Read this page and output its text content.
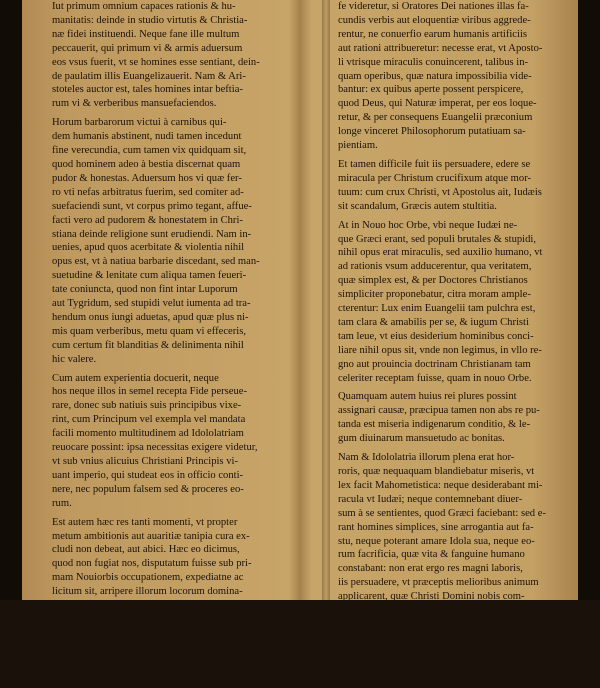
Iut primum omnium capaces rationis & hu-
manitatis: deinde in studio virtutis & Christia-
næ fidei instituendi. Neque fane ille multum
peccauerit, qui primum vi & armis aduersum
eos vsus fuerit, vt se homines esse sentiant, dein-
de paulatim illis Euangelizauerit. Nam & Ari-
stoteles auctor est, tales homines intar beftia-
rum vi & verberibus mansuefaciendos.
Horum barbarorum victui à carnibus qui-
dem humanis abstinent, nudi tamen incedunt
fine verecundia, cum tamen vix quidquam sit,
quod hominem adeo à bestia discernat quam
pudor & honestas. Aduersum hos vi quæ fer-
ro vti nefas arbitratus fuerim, sed comiter ad-
suefaciendi sunt, vt corpus primo tegant, affue-
facti vero ad pudorem & honestatem in Chri-
stiana deinde religione sunt erudiendi. Nam in-
uenies, apud quos acerbitate & violentia nihil
opus est, vt à natiua barbarie discedant, sed man-
suetudine & lenitate cum aliqua tamen feueri-
tate coniuncta, quod non fint intar Luporum
aut Tygridum, sed stupidi velut iumenta ad tra-
hendum onus iungi aduetas, apud quæ plus ni-
mis quam verberibus, metu quam vi effeceris,
cum certum fit blanditias & delinimenta nihil
hic valere.
Cum autem experientia docuerit, neque
hos neque illos in semel recepta Fide perseue-
rare, donec sub natiuis suis principibus vixe-
rint, cum Principum vel exempla vel mandata
facili momento multitudinem ad Idololatriam
reuocare possint: ipsa necessitas exigere videtur,
vt sub vnius alicuius Christiani Principis vi-
uant imperio, qui studeat eos in officio conti-
nere, nec populum falsem sed & proceres eo-
rum.
Est autem hæc res tanti momenti, vt propter
metum ambitionis aut auaritiæ tanipia cura ex-
cludi non debeat, aut abici. Hæc eo dicimus,
quod non fugiat nos, disputatum fuisse sub pri-
mam Nouiorbis occupationem, expediatne ac
licitum sit, arripere illorum locorum domina-
tum fue supremum imperium: sed quæstio no-
stra ætate superuacanea est, ob frequentia da-
mna, quæ illinc quidem Mahometistæ, hinc ve-
ro Angli intulerunt.
Non est enim dubium, quin Turcæ Philippi-
nas occupassent Insulas, & Angli potissimam
fe videretur, si Oratores Dei nationes illas fa-
cundis verbis aut eloquentiæ viribus aggrede-
rentur, ne conuerfio earum humanis artificiis
aut rationi attribueretur: necesse erat, vt Aposto-
li vtrisque miraculis conuincerent, talibus in-
quam operibus, quæ natura impossibilia vide-
bantur: ex quibus aperte possent perspicere,
quod Deus, qui Naturæ imperat, per eos loque-
retur, & per consequens Euangelii præconium
longe vinceret Philosophorum putatiuam sa-
pientiam.
Et tamen difficile fuit iis persuadere, edere se
miracula per Christum crucifixum atque mor-
tuum: cum crux Christi, vt Apostolus ait, Iudæis
sit scandalum, Græcis autem stultitia.
At in Nouo hoc Orbe, vbi neque Iudæi ne-
que Græci erant, sed populi brutales & stupidi,
nihil opus erat miraculis, sed auxilio humano, vt
ad rationis vsum adducerentur, qua veritatem,
quæ simplex est, & per Doctores Christianos
simpliciter proponebatur, citra moram ample-
cterentur: Lux enim Euangelii tam pulchra est,
tam clara & amabilis per se, & iugum Christi
tam leue, vt eius desiderium hominibus conci-
liare nihil opus sit, vnde non legimus, in vllo re-
gno aut prouincia doctrinam Christianam tam
celeriter receptam fuisse, quam in nouo Orbe.
Quamquam autem huius rei plures possint
assignari causæ, præcipua tamen non abs re pu-
tanda est miseria indigenarum conditio, & le-
gum diuinarum mansuetudo ac bonitas.
Nam & Idololatria illorum plena erat hor-
roris, quæ nequaquam blandiebatur miseris, vt
lex facit Mahometistica: neque desiderabant mi-
racula vt Iudæi; neque contemnebant diuer-
sum à se sentientes, quod Græci faciebant: sed e-
rant homines simplices, sine arrogantia aut fa-
stu, neque poterant amare Idola sua, neque eo-
rum facrificia, quæ vita & fanguine humano
constabant: non erat ergo res magni laboris,
iis persuadere, vt præceptis melioribus animum
applicarent, quæ Christi Domini nobis com-
mendauit lenitas.
Accedit, quod quo minus alta saperent, eo a-
uidius & cum maiore admiratione audirent
fermones de rebus diuinis & cœlestibus, adeo-
que quicquid illis proponebatur de magnitudi-
